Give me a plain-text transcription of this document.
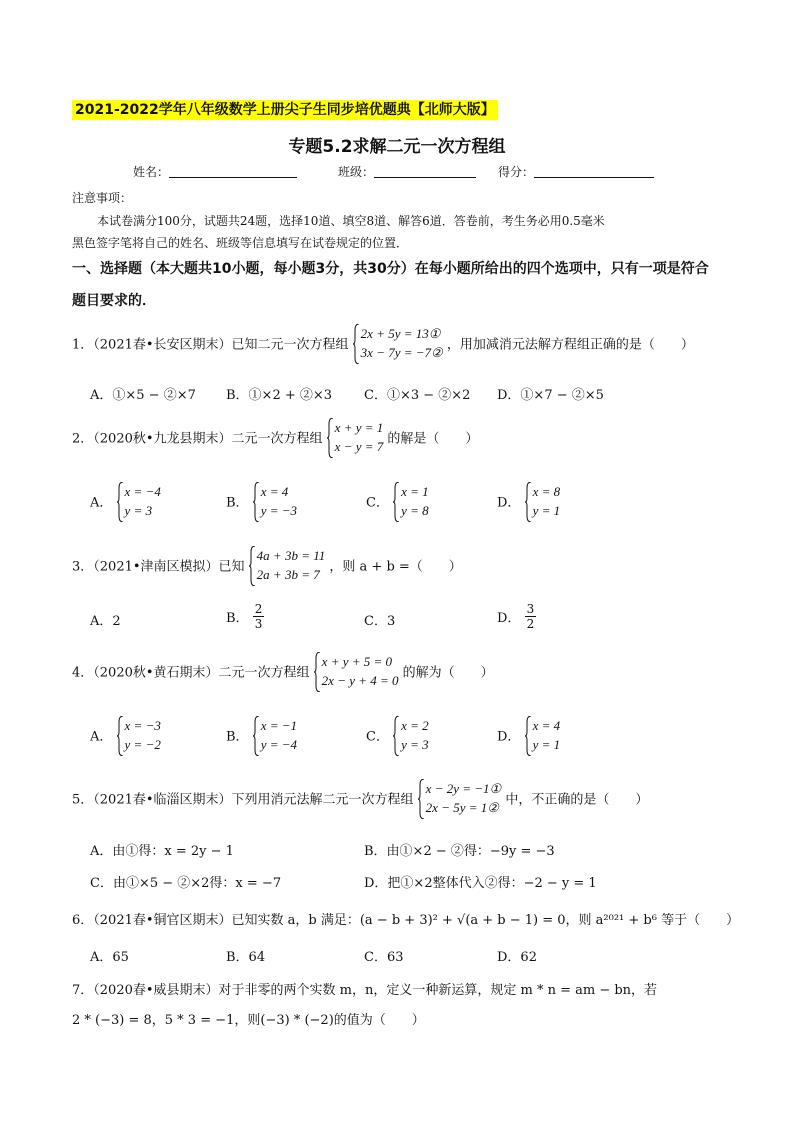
2021-2022学年八年级数学上册尖子生同步培优题典【北师大版】
专题5.2求解二元一次方程组
姓名：	班级：	得分：
注意事项：
本试卷满分100分，试题共24题，选择10道、填空8道、解答6道．答卷前，考生务必用0.5毫米
黑色签字笔将自己的姓名、班级等信息填写在试卷规定的位置．
一、选择题（本大题共10小题，每小题3分，共30分）在每小题所给出的四个选项中，只有一项是符合
题目要求的．
1．（2021春•长安区期末）已知二元一次方程组
2x + 5y = 13①
3x − 7y = −7② ，用加减消元法解方程组正确的是（　　）
A．①×5 − ②×7 B．①×2 + ②×3 C．①×3 − ②×2 D．①×7 − ②×5
2．（2020秋•九龙县期末）二元一次方程组
x + y = 1
x − y = 7 的解是（　　）
A．
x = −4
y = 3	B．
x = 4
y = −3	C．
x = 1
y = 8	D．
x = 8
y = 1
3．（2021•津南区模拟）已知
4a + 3b = 11
2a + 3b = 7 ，则 a + b =（　　）
A．2	B． $\frac{2}{3}$	C．3	D． $\frac{3}{2}$
4．（2020秋•黄石期末）二元一次方程组
x + y + 5 = 0
2x − y + 4 = 0 的解为（　　）
A．
x = −3
y = −2	B．
x = −1
y = −4	C．
x = 2
y = 3	D．
x = 4
y = 1
5．（2021春•临淄区期末）下列用消元法解二元一次方程组
x − 2y = −1①
2x − 5y = 1② 中，不正确的是（　　）
A．由①得：x = 2y − 1	B．由①×2 − ②得：−9y = −3
C．由①×5 − ②×2得：x = −7	D．把①×2整体代入②得：−2 − y = 1
6．（2021春•铜官区期末）已知实数 a，b 满足：(a − b + 3)² + √(a + b − 1) = 0，则 a²⁰²¹ + b⁶ 等于（　　）
A．65	B．64	C．63	D．62
7．（2020春•威县期末）对于非零的两个实数 m，n，定义一种新运算，规定 m * n = am − bn，若
2 * (−3) = 8，5 * 3 = −1，则(−3) * (−2)的值为（　　）
